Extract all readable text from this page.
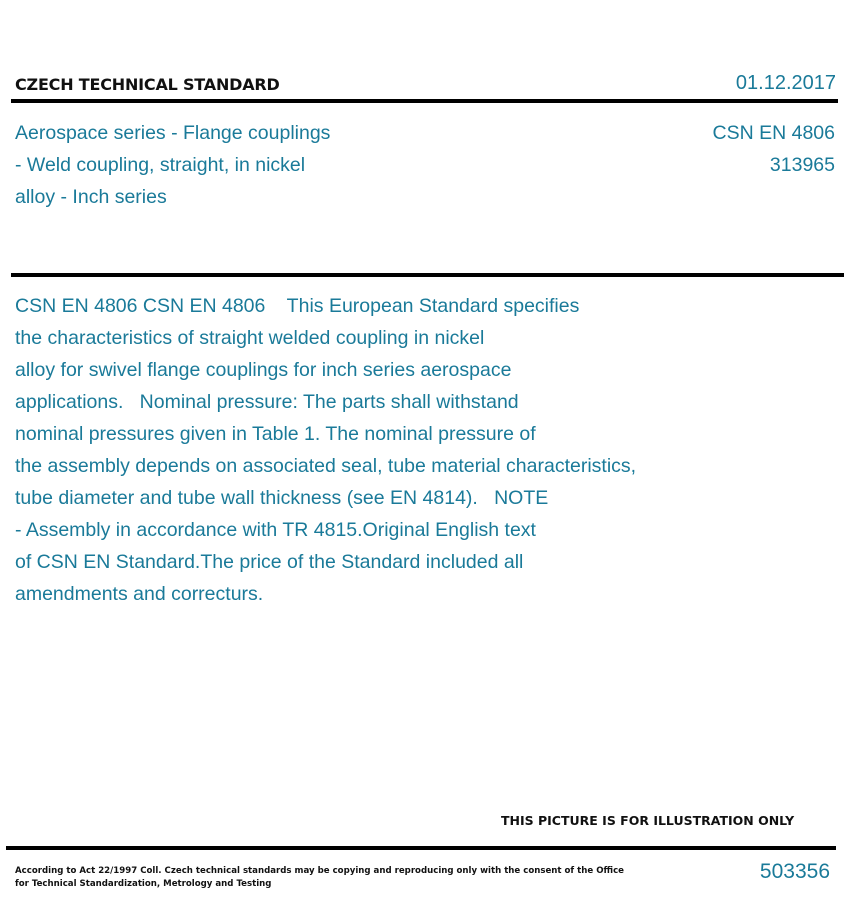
CZECH TECHNICAL STANDARD	01.12.2017
Aerospace series - Flange couplings
- Weld coupling, straight, in nickel
alloy - Inch series
CSN EN 4806
313965
CSN EN 4806 CSN EN 4806    This European Standard specifies
the characteristics of straight welded coupling in nickel
alloy for swivel flange couplings for inch series aerospace
applications.   Nominal pressure: The parts shall withstand
nominal pressures given in Table 1. The nominal pressure of
the assembly depends on associated seal, tube material characteristics,
tube diameter and tube wall thickness (see EN 4814).   NOTE
- Assembly in accordance with TR 4815.Original English text
of CSN EN Standard.The price of the Standard included all
amendments and correcturs.
THIS PICTURE IS FOR ILLUSTRATION ONLY
According to Act 22/1997 Coll. Czech technical standards may be copying and reproducing only with the consent of the Office
for Technical Standardization, Metrology and Testing
503356
